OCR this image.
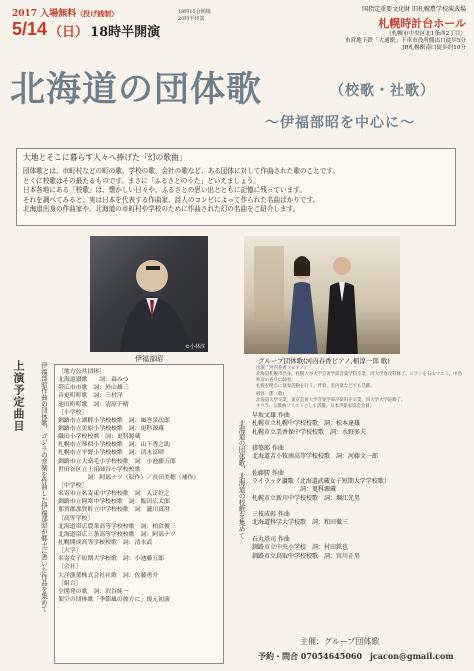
2017 入場無料（投げ銭制）
5/14 （日） 18時半開演
18時15分開場
20時半終演
国指定重要文化財 旧札幌農学校演武場
札幌時計台ホール
（札幌市中央区北1条西2丁目）
市営地下鉄「大通駅」下車市役所側出口徒歩5分
JR札幌駅南口徒歩約10分
北海道の団体歌	（校歌・社歌）
〜伊福部昭を中心に〜
大地とそこに暮らす人々へ捧げた「幻の歌曲」
団体歌とは、市町村などの町の歌、学校の歌、会社の歌など、ある団体に対して作曲された歌のことです。
とくに校歌はその最たるものです。まさに「ふるさとのうた」といえましょう。
日本各地にある「校歌」は、懐かしい日々や、ふるさとの思い出とともに記憶に残っています。
それを調べてみると、実は日本を代表する作曲家、詩人のコンビによって作られた名曲ばかりです。
北海道出身の作曲家や、北海道の市町村や学校のために作曲された幻の名曲をご紹介します。
©小林淳
伊福部昭	グループ団体歌(河内春香ピアノ,椙淳一郎 歌)
出演：河内春香（ピアノ）
北海道札幌市出身。札幌大谷大学芸術学部音楽学科卒業。同大学専攻科修了。ピアノを石山マユミ、中島和彦の各氏に師事。
札幌を拠点に演奏活動を行う。伴奏、室内楽などでも活躍。
椙淳一郎（歌）
北海道大学卒業。東京芸術大学音楽学部声楽科を卒業、同大学大学院修了。
オペラ、宗教曲ソリストとして活躍。日本声楽家協会会員。
上演予定曲目 伊福部昭作曲の団体歌、ゴジラの音楽を作曲した伊福部昭が郷土に書いた作品を集めて	北海道の団体歌、北海道の校歌を集めて
［地方公共団体］
北海道讃歌　　詞：森みつ
帯広市市歌　詞：外山雄三
音更町町歌　詞：三村洋
池田町町歌　詞：清原千晴
［小学校］
釧路市立湖畔小学校校歌　詞：風巻景次郎
釧路市立美原小学校校歌　詞：更科源蔵
織田小学校校歌　詞：更科源蔵
札幌市立琴似小学校校歌　詞：山下秀之助
札幌市立平野小学校校歌　詞：清水冨晴
釧路市立大楽毛小学校校歌　詞：小池藤五郎
世田谷区立上祖師谷小学校校歌
　　　　　詞：阿部ナツ（原作）／長田美穂（補作）
［中学校］
名寄市立名寄東中学校校歌　詞：入江好之
釧路市立阿寒中学校校歌　詞：飯田広太郎
那賀郡那賀町立中学校校歌　詞：瀧川真澄
［高等学校］
北海道帯広農業高等学校校歌　詞：柏倉俊三
北海道帯広三条高等学校校歌　詞：阿部ナツ
札幌開成高等学校校歌　詞：清水武
［大学］
名寄女子短期大学校歌　詞：小池藤五郎
［会社］
大洋漁業株式会社社歌　詞：佐藤勇介
［組合］
全開発の歌　詞：沢谷純一
架空の団体歌「季節風の彼方に」復元初演
早坂文雄 作曲
札幌市立札幌中学校校歌　詞：松本達雄
札幌市立美香保中学校校歌　詞：水野多夫

猪築郎 作曲
北海道苫小牧南高等学校校歌　詞：河藤文一郎

佐藤勝 作曲
ライラック讃歌（北海道武蔵女子短期大学学校歌）
　　　　　　　　詞：更科源蔵
札幌市立新川中学校校歌　詞：堀江光男

三枝成彰 作曲
北海道科学大学校歌　詞：和田徹三

石丸基司 作曲
釧路市立中央小学校　詞：村田鉄也
釧路市立鳥取中学校校歌　詞：宮川正男
主催：グループ団体歌
予約・問合 07054645060　jcacon@gmail.com
